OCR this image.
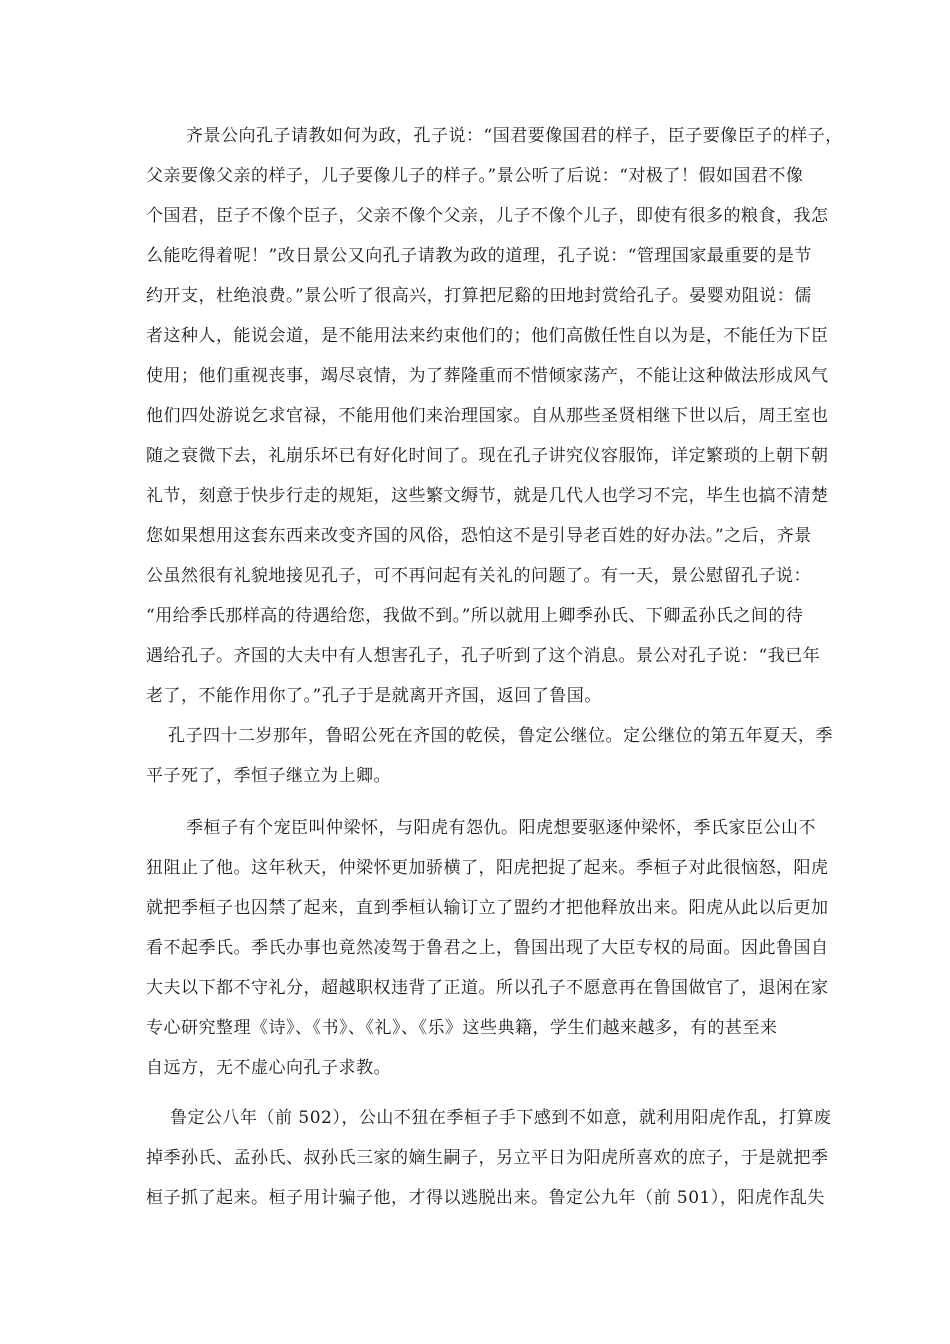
齐景公向孔子请教如何为政，孔子说：“国君要像国君的样子，臣子要像臣子的样子，
父亲要像父亲的样子，儿子要像儿子的样子。”景公听了后说：“对极了！假如国君不像
个国君，臣子不像个臣子，父亲不像个父亲，儿子不像个儿子，即使有很多的粮食，我怎
么能吃得着呢！”改日景公又向孔子请教为政的道理，孔子说：“管理国家最重要的是节
约开支，杜绝浪费。”景公听了很高兴，打算把尼谿的田地封赏给孔子。晏婴劝阻说：儒
者这种人，能说会道，是不能用法来约束他们的；他们高傲任性自以为是，不能任为下臣
使用；他们重视丧事，竭尽哀情，为了葬隆重而不惜倾家荡产，不能让这种做法形成风气
他们四处游说乞求官禄，不能用他们来治理国家。自从那些圣贤相继下世以后，周王室也
随之衰微下去，礼崩乐坏已有好化时间了。现在孔子讲究仪容服饰，详定繁琐的上朝下朝
礼节，刻意于快步行走的规矩，这些繁文缛节，就是几代人也学习不完，毕生也搞不清楚
您如果想用这套东西来改变齐国的风俗，恐怕这不是引导老百姓的好办法。”之后，齐景
公虽然很有礼貌地接见孔子，可不再问起有关礼的问题了。有一天，景公慰留孔子说：
“用给季氏那样高的待遇给您，我做不到。”所以就用上卿季孙氏、下卿孟孙氏之间的待
遇给孔子。齐国的大夫中有人想害孔子，孔子听到了这个消息。景公对孔子说：“我已年
老了，不能作用你了。”孔子于是就离开齐国，返回了鲁国。
孔子四十二岁那年，鲁昭公死在齐国的乾侯，鲁定公继位。定公继位的第五年夏天，季
平子死了，季恒子继立为上卿。
季桓子有个宠臣叫仲梁怀，与阳虎有怨仇。阳虎想要驱逐仲梁怀，季氏家臣公山不
狃阻止了他。这年秋天，仲梁怀更加骄横了，阳虎把捉了起来。季桓子对此很恼怒，阳虎
就把季桓子也囚禁了起来，直到季桓认输订立了盟约才把他释放出来。阳虎从此以后更加
看不起季氏。季氏办事也竟然凌驾于鲁君之上，鲁国出现了大臣专权的局面。因此鲁国自
大夫以下都不守礼分，超越职权违背了正道。所以孔子不愿意再在鲁国做官了，退闲在家
专心研究整理《诗》、《书》、《礼》、《乐》这些典籍，学生们越来越多，有的甚至来
自远方，无不虚心向孔子求教。
鲁定公八年（前 502），公山不狃在季桓子手下感到不如意，就利用阳虎作乱，打算废
掉季孙氏、孟孙氏、叔孙氏三家的嫡生嗣子，另立平日为阳虎所喜欢的庶子，于是就把季
桓子抓了起来。桓子用计骗子他，才得以逃脱出来。鲁定公九年（前 501），阳虎作乱失
